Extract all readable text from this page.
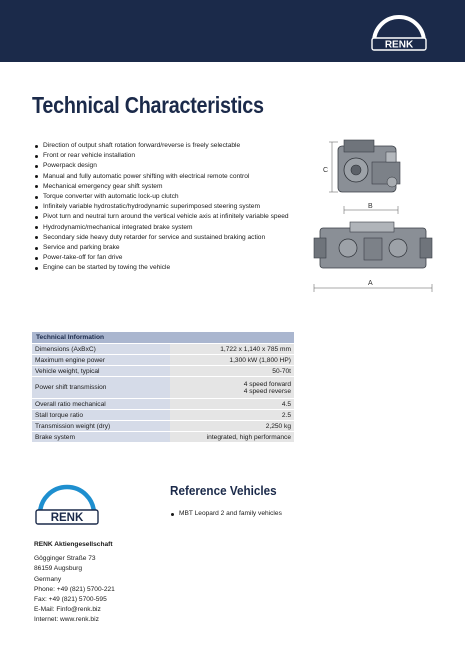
RENK
Technical Characteristics
Direction of output shaft rotation forward/reverse is freely selectable
Front or rear vehicle installation
Powerpack design
Manual and fully automatic power shifting with electrical remote control
Mechanical emergency gear shift system
Torque converter with automatic lock-up clutch
Infinitely variable hydrostatic/hydrodynamic superimposed steering system
Pivot turn and neutral turn around the vertical vehicle axis at infinitely variable speed
Hydrodynamic/mechanical integrated brake system
Secondary side heavy duty retarder for service and sustained braking action
Service and parking brake
Power-take-off for fan drive
Engine can be started by towing the vehicle
C
B
A
Technical Information	
Dimensions (AxBxC)	1,722 x 1,140 x 785 mm
Maximum engine power	1,300 kW (1,800 HP)
Vehicle weight, typical	50-70t
Power shift transmission	4 speed forward
4 speed reverse

Overall ratio mechanical	4.5
Stall torque ratio	2.5
Transmission weight (dry)	2,250 kg
Brake system	integrated, high performance
RENK
RENK Aktiengesellschaft
Gögginger Straße 73
86159 Augsburg
Germany
Phone: +49 (821) 5700-221
Fax: +49 (821) 5700-595
E-Mail: Finfo@renk.biz
Internet: www.renk.biz
Reference Vehicles
MBT Leopard 2 and family vehicles
